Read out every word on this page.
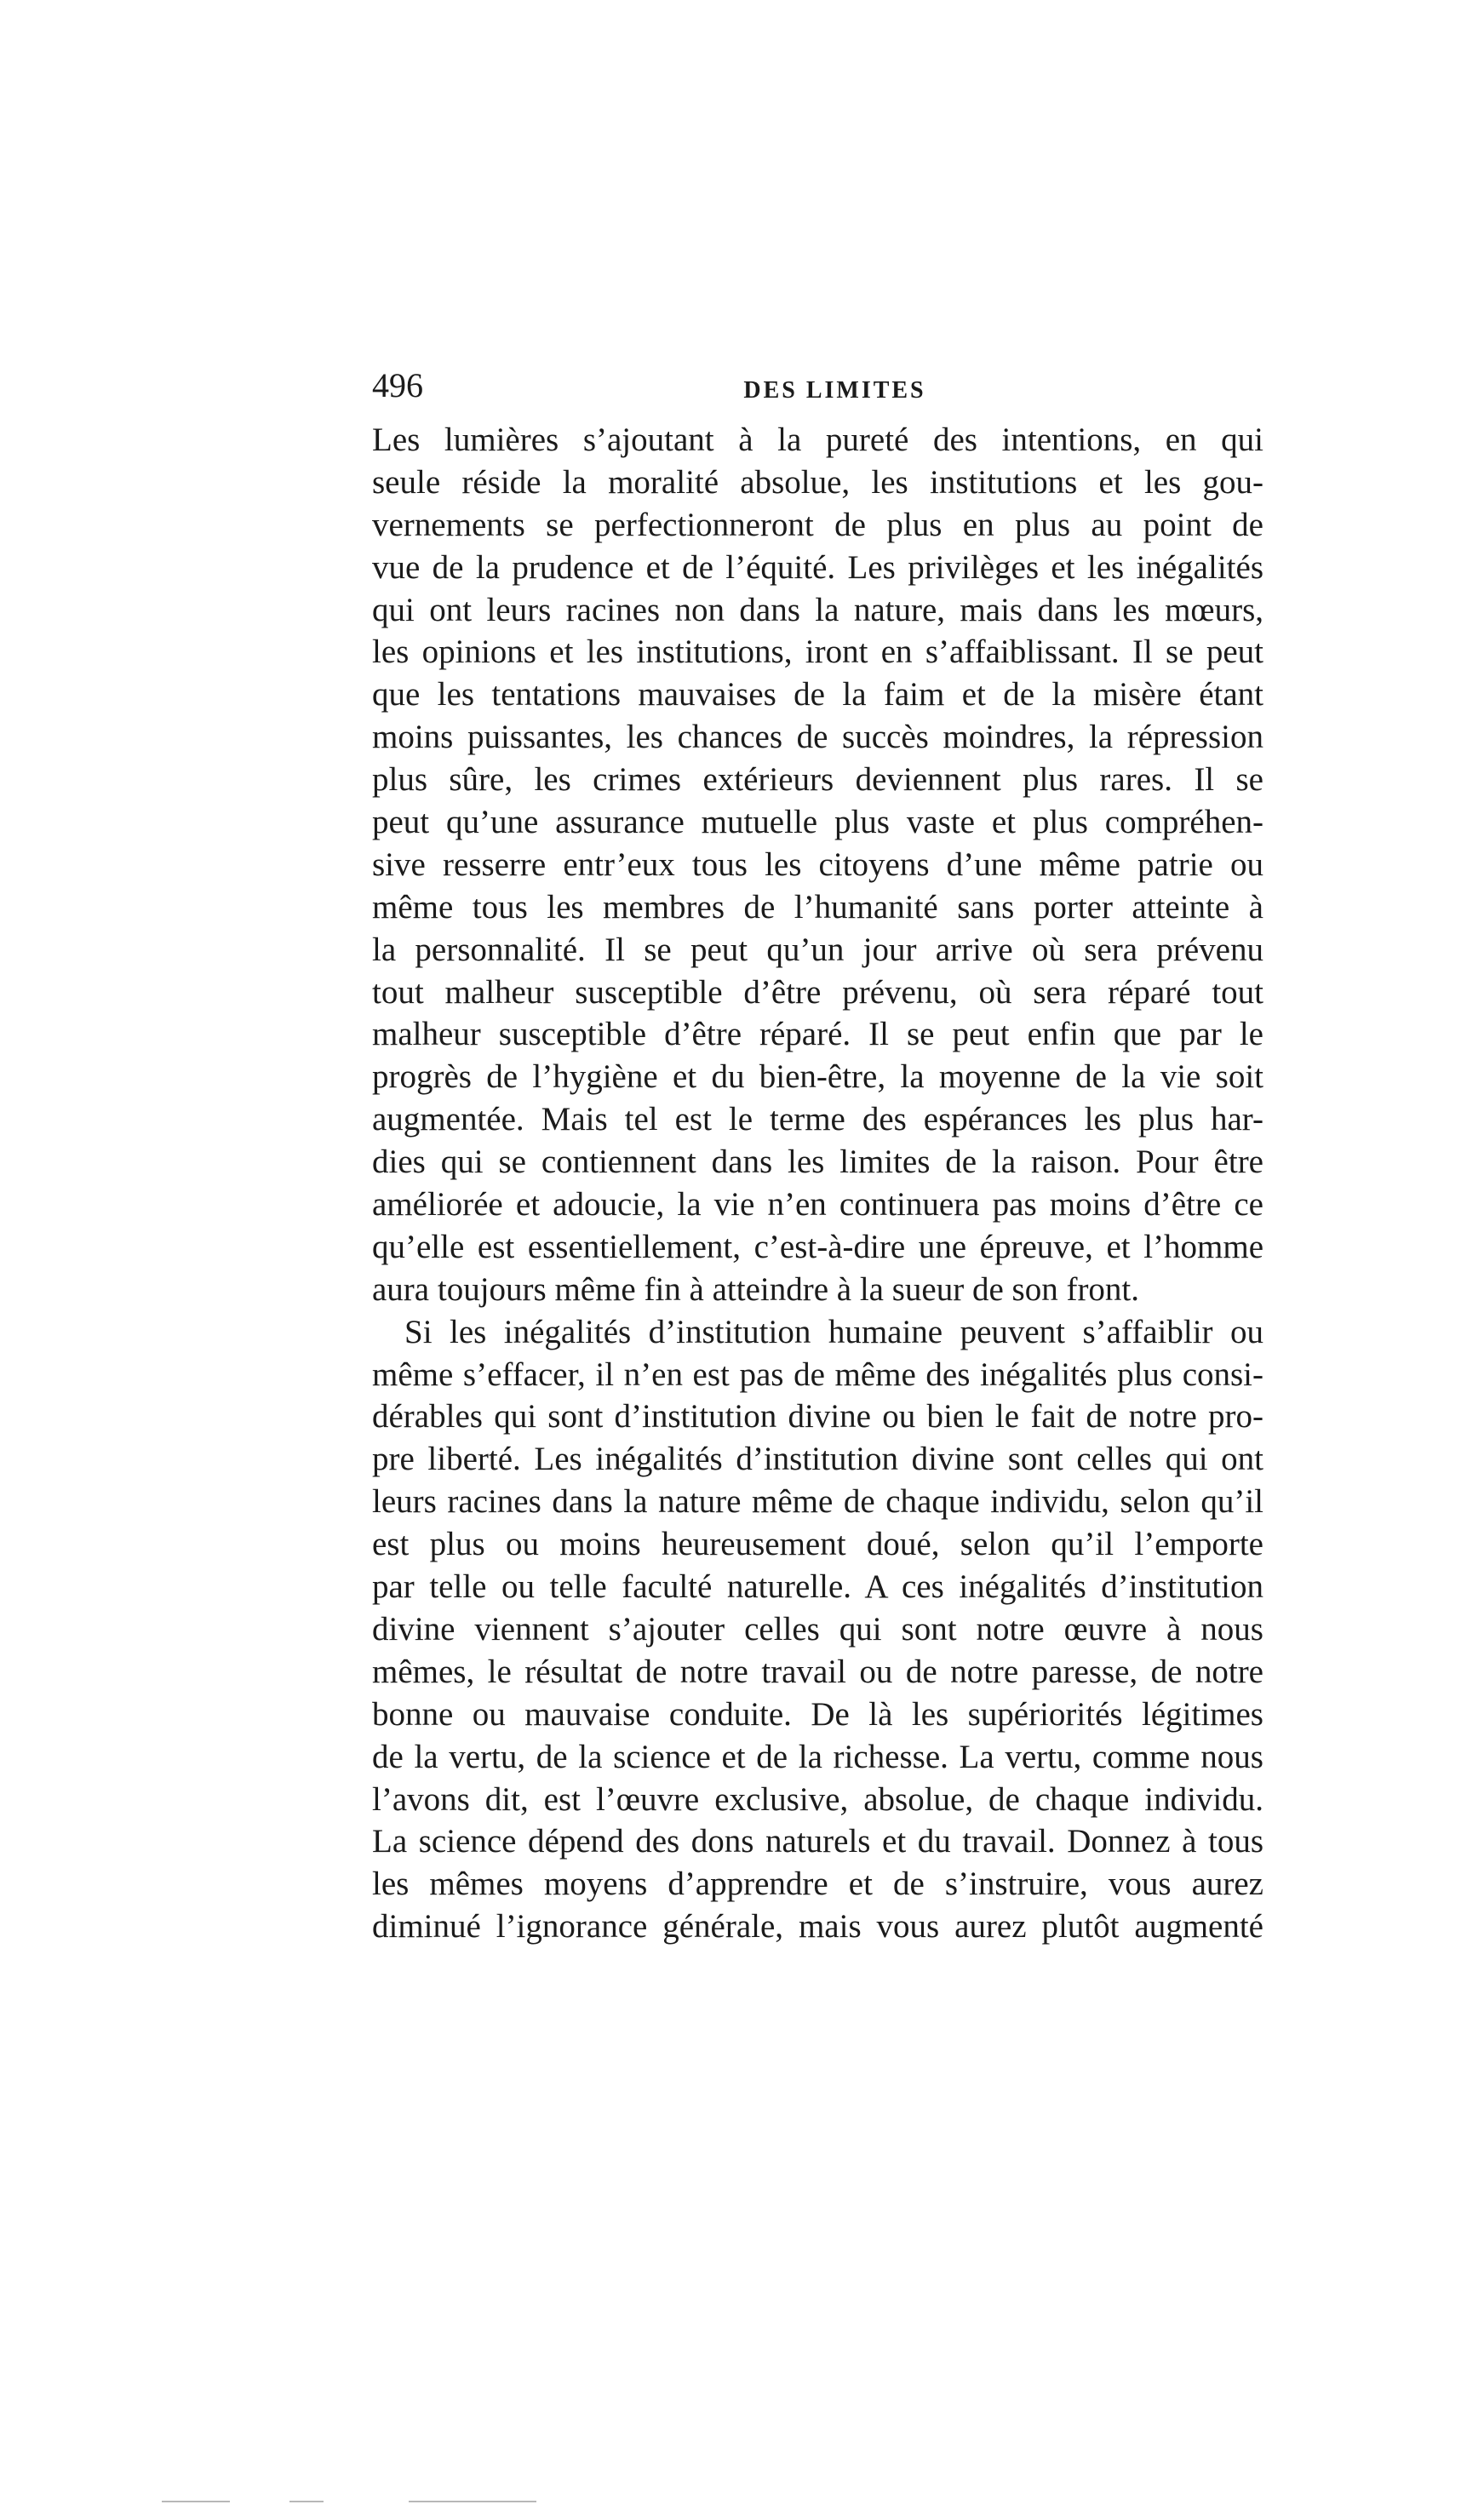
496	DES LIMITES
Les lumières s’ajoutant à la pureté des intentions, en qui
seule réside la moralité absolue, les institutions et les gou-
vernements se perfectionneront de plus en plus au point de
vue de la prudence et de l’équité. Les privilèges et les inégalités
qui ont leurs racines non dans la nature, mais dans les mœurs,
les opinions et les institutions, iront en s’affaiblissant. Il se peut
que les tentations mauvaises de la faim et de la misère étant
moins puissantes, les chances de succès moindres, la répression
plus sûre, les crimes extérieurs deviennent plus rares. Il se
peut qu’une assurance mutuelle plus vaste et plus compréhen-
sive resserre entr’eux tous les citoyens d’une même patrie ou
même tous les membres de l’humanité sans porter atteinte à
la personnalité. Il se peut qu’un jour arrive où sera prévenu
tout malheur susceptible d’être prévenu, où sera réparé tout
malheur susceptible d’être réparé. Il se peut enfin que par le
progrès de l’hygiène et du bien-être, la moyenne de la vie soit
augmentée. Mais tel est le terme des espérances les plus har-
dies qui se contiennent dans les limites de la raison. Pour être
améliorée et adoucie, la vie n’en continuera pas moins d’être ce
qu’elle est essentiellement, c’est-à-dire une épreuve, et l’homme
aura toujours même fin à atteindre à la sueur de son front.
Si les inégalités d’institution humaine peuvent s’affaiblir ou
même s’effacer, il n’en est pas de même des inégalités plus consi-
dérables qui sont d’institution divine ou bien le fait de notre pro-
pre liberté. Les inégalités d’institution divine sont celles qui ont
leurs racines dans la nature même de chaque individu, selon qu’il
est plus ou moins heureusement doué, selon qu’il l’emporte
par telle ou telle faculté naturelle. A ces inégalités d’institution
divine viennent s’ajouter celles qui sont notre œuvre à nous
mêmes, le résultat de notre travail ou de notre paresse, de notre
bonne ou mauvaise conduite. De là les supériorités légitimes
de la vertu, de la science et de la richesse. La vertu, comme nous
l’avons dit, est l’œuvre exclusive, absolue, de chaque individu.
La science dépend des dons naturels et du travail. Donnez à tous
les mêmes moyens d’apprendre et de s’instruire, vous aurez
diminué l’ignorance générale, mais vous aurez plutôt augmenté
